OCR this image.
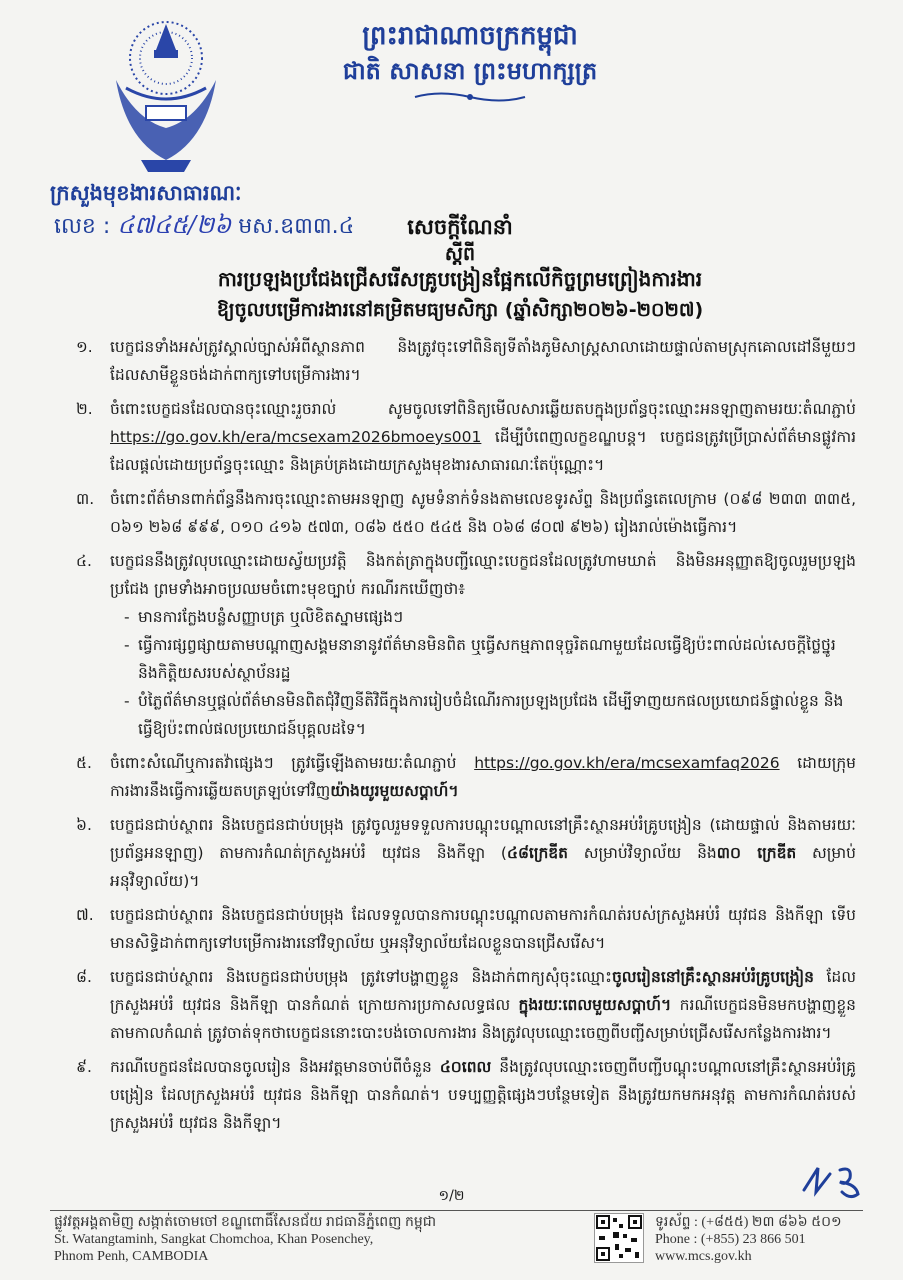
ព្រះរាជាណាចក្រកម្ពុជា
ជាតិ សាសនា ព្រះមហាក្សត្រ
ក្រសួងមុខងារសាធារណៈ
លេខ : ៤៧៤៥/២៦ មស.ឧ៣៣.៤	សេចក្ដីណែនាំ
ស្ដីពី
ការប្រឡងប្រជែងជ្រើសរើសគ្រូបង្រៀនផ្អែកលើកិច្ចព្រមព្រៀងការងារ
ឱ្យចូលបម្រើការងារនៅគម្រិតមធ្យមសិក្សា (ឆ្នាំសិក្សា២០២៦-២០២៧)
១.	បេក្ខជនទាំងអស់ត្រូវស្គាល់ច្បាស់អំពីស្ថានភាព និងត្រូវចុះទៅពិនិត្យទីតាំងភូមិសាស្ត្រសាលាដោយផ្ទាល់តាមស្រុកគោលដៅនីមួយៗ ដែលសាមីខ្លួនចង់ដាក់ពាក្យទៅបម្រើការងារ។
២.	ចំពោះបេក្ខជនដែលបានចុះឈ្មោះរួចរាល់ សូមចូលទៅពិនិត្យមើលសារឆ្លើយតបក្នុងប្រព័ន្ធចុះឈ្មោះអនឡាញតាមរយៈតំណភ្ជាប់ https://go.gov.kh/era/mcsexam2026bmoeys001 ដើម្បីបំពេញលក្ខខណ្ឌបន្ត។ បេក្ខជនត្រូវប្រើប្រាស់ព័ត៌មានផ្លូវការដែលផ្តល់ដោយប្រព័ន្ធចុះឈ្មោះ និងគ្រប់គ្រងដោយក្រសួងមុខងារសាធារណៈតែប៉ុណ្ណោះ។
៣.	ចំពោះព័ត៌មានពាក់ព័ន្ធនឹងការចុះឈ្មោះតាមអនឡាញ សូមទំនាក់ទំនងតាមលេខទូរស័ព្ទ និងប្រព័ន្ធតេលេក្រាម (០៩៨ ២៣៣ ៣៣៥, ០៦១ ២៦៨ ៩៩៩, ០១០ ៤១៦ ៥៧៣, ០៨៦ ៥៥០ ៥៤៥ និង ០៦៨ ៨០៧ ៩២៦) រៀងរាល់ម៉ោងធ្វើការ។
៤.	បេក្ខជននឹងត្រូវលុបឈ្មោះដោយស្វ័យប្រវត្តិ និងកត់ត្រាក្នុងបញ្ជីឈ្មោះបេក្ខជនដែលត្រូវហាមឃាត់ និងមិនអនុញ្ញាតឱ្យចូលរួមប្រឡងប្រជែង ព្រមទាំងអាចប្រឈមចំពោះមុខច្បាប់ ករណីរកឃើញថា៖
- មានការក្លែងបន្លំសញ្ញាបត្រ ឬលិខិតស្នាមផ្សេងៗ
- ធ្វើការផ្សព្វផ្សាយតាមបណ្ដាញសង្គមនានានូវព័ត៌មានមិនពិត ឬធ្វើសកម្មភាពទុច្ចរិតណាមួយដែលធ្វើឱ្យប៉ះពាល់ដល់សេចក្ដីថ្លៃថ្នូរ និងកិត្តិយសរបស់ស្ថាប័នរដ្ឋ
- បំភ្លៃព័ត៌មានឬផ្តល់ព័ត៌មានមិនពិតជុំវិញនីតិវិធីក្នុងការរៀបចំដំណើរការប្រឡងប្រជែង ដើម្បីទាញយកផលប្រយោជន៍ផ្ទាល់ខ្លួន និងធ្វើឱ្យប៉ះពាល់ផលប្រយោជន៍បុគ្គលដទៃ។
៥.	ចំពោះសំណើឬការតវ៉ាផ្សេងៗ ត្រូវធ្វើឡើងតាមរយៈតំណភ្ជាប់ https://go.gov.kh/era/mcsexamfaq2026 ដោយក្រុមការងារនឹងធ្វើការឆ្លើយតបត្រឡប់ទៅវិញយ៉ាងយូរមួយសប្ដាហ៍។
៦.	បេក្ខជនជាប់ស្ថាពរ និងបេក្ខជនជាប់បម្រុង ត្រូវចូលរួមទទួលការបណ្ដុះបណ្ដាលនៅគ្រឹះស្ថានអប់រំគ្រូបង្រៀន (ដោយផ្ទាល់ និងតាមរយៈប្រព័ន្ធអនឡាញ) តាមការកំណត់ក្រសួងអប់រំ យុវជន និងកីឡា (៤៨ក្រេឌីត សម្រាប់វិទ្យាល័យ និង៣០ ក្រេឌីត សម្រាប់អនុវិទ្យាល័យ)។
៧.	បេក្ខជនជាប់ស្ថាពរ និងបេក្ខជនជាប់បម្រុង ដែលទទួលបានការបណ្ដុះបណ្ដាលតាមការកំណត់របស់ក្រសួងអប់រំ យុវជន និងកីឡា ទើបមានសិទ្ធិដាក់ពាក្យទៅបម្រើការងារនៅវិទ្យាល័យ ឬអនុវិទ្យាល័យដែលខ្លួនបានជ្រើសរើស។
៨.	បេក្ខជនជាប់ស្ថាពរ និងបេក្ខជនជាប់បម្រុង ត្រូវទៅបង្ហាញខ្លួន និងដាក់ពាក្យសុំចុះឈ្មោះចូលរៀននៅគ្រឹះស្ថានអប់រំគ្រូបង្រៀន ដែលក្រសួងអប់រំ យុវជន និងកីឡា បានកំណត់ ក្រោយការប្រកាសលទ្ធផល ក្នុងរយៈពេលមួយសប្ដាហ៍។ ករណីបេក្ខជនមិនមកបង្ហាញខ្លួនតាមកាលកំណត់ ត្រូវចាត់ទុកថាបេក្ខជននោះបោះបង់ចោលការងារ និងត្រូវលុបឈ្មោះចេញពីបញ្ជីសម្រាប់ជ្រើសរើសកន្លែងការងារ។
៩.	ករណីបេក្ខជនដែលបានចូលរៀន និងអវត្តមានចាប់ពីចំនួន ៤០ពេល នឹងត្រូវលុបឈ្មោះចេញពីបញ្ជីបណ្ដុះបណ្ដាលនៅគ្រឹះស្ថានអប់រំគ្រូបង្រៀន ដែលក្រសួងអប់រំ យុវជន និងកីឡា បានកំណត់។ បទប្បញ្ញត្តិផ្សេងៗបន្ថែមទៀត នឹងត្រូវយកមកអនុវត្ត តាមការកំណត់របស់ក្រសួងអប់រំ យុវជន និងកីឡា។
១/២
ផ្លូវវត្តអង្គតាមិញ សង្កាត់ចោមចៅ ខណ្ឌពោធិ៍សែនជ័យ រាជធានីភ្នំពេញ កម្ពុជា
St. Watangtaminh, Sangkat Chomchoa, Khan Posenchey,
Phnom Penh, CAMBODIA
ទូរស័ព្ទ : (+៨៥៥) ២៣ ៨៦៦ ៥០១
Phone : (+855) 23 866 501
www.mcs.gov.kh
